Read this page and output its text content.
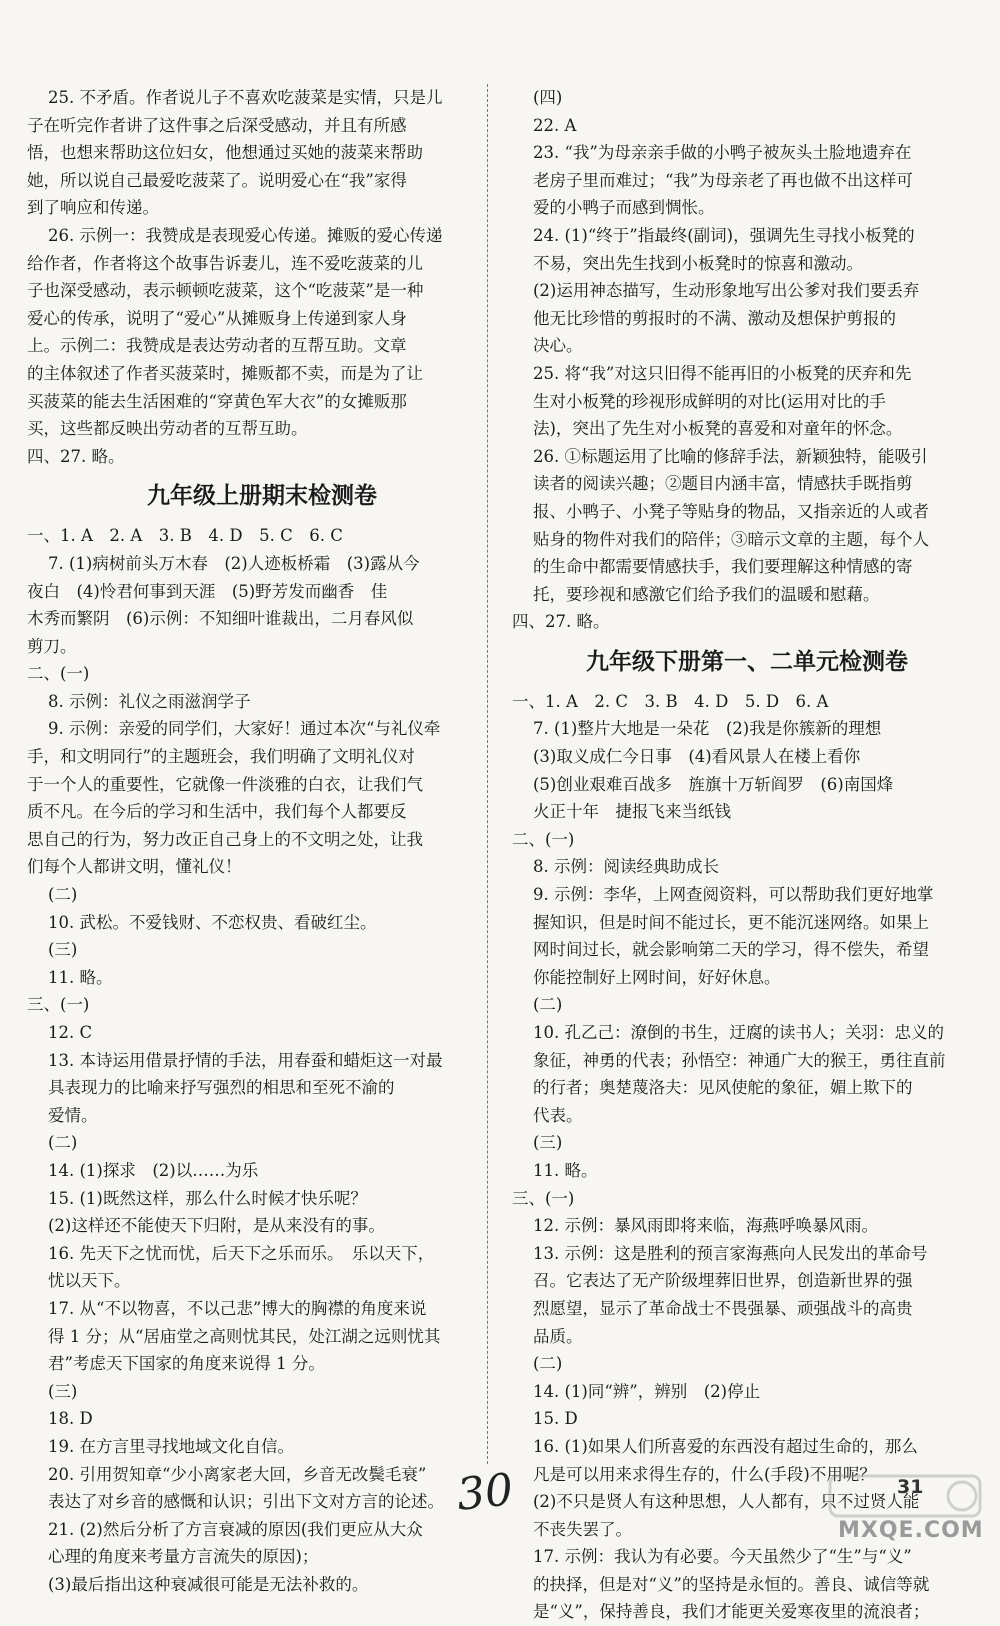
25. 不矛盾。作者说儿子不喜欢吃菠菜是实情，只是儿
子在听完作者讲了这件事之后深受感动，并且有所感
悟，也想来帮助这位妇女，他想通过买她的菠菜来帮助
她，所以说自己最爱吃菠菜了。说明爱心在“我”家得
到了响应和传递。
26. 示例一：我赞成是表现爱心传递。摊贩的爱心传递
给作者，作者将这个故事告诉妻儿，连不爱吃菠菜的儿
子也深受感动，表示顿顿吃菠菜，这个“吃菠菜”是一种
爱心的传承，说明了“爱心”从摊贩身上传递到家人身
上。示例二：我赞成是表达劳动者的互帮互助。文章
的主体叙述了作者买菠菜时，摊贩都不卖，而是为了让
买菠菜的能去生活困难的“穿黄色军大衣”的女摊贩那
买，这些都反映出劳动者的互帮互助。
四、27. 略。
九年级上册期末检测卷
一、1. A　2. A　3. B　4. D　5. C　6. C
7. (1)病树前头万木春　(2)人迹板桥霜　(3)露从今
夜白　(4)怜君何事到天涯　(5)野芳发而幽香　佳
木秀而繁阴　(6)示例：不知细叶谁裁出，二月春风似
剪刀。
二、(一)
8. 示例：礼仪之雨滋润学子
9. 示例：亲爱的同学们，大家好！通过本次“与礼仪牵
手，和文明同行”的主题班会，我们明确了文明礼仪对
于一个人的重要性，它就像一件淡雅的白衣，让我们气
质不凡。在今后的学习和生活中，我们每个人都要反
思自己的行为，努力改正自己身上的不文明之处，让我
们每个人都讲文明，懂礼仪！
(二)
10. 武松。不爱钱财、不恋权贵、看破红尘。
(三)
11. 略。
三、(一)
12. C
13. 本诗运用借景抒情的手法，用春蚕和蜡炬这一对最
具表现力的比喻来抒写强烈的相思和至死不渝的
爱情。
(二)
14. (1)探求　(2)以……为乐
15. (1)既然这样，那么什么时候才快乐呢？
(2)这样还不能使天下归附，是从来没有的事。
16. 先天下之忧而忧，后天下之乐而乐。　乐以天下，
忧以天下。
17. 从“不以物喜，不以己悲”博大的胸襟的角度来说
得 1 分；从“居庙堂之高则忧其民，处江湖之远则忧其
君”考虑天下国家的角度来说得 1 分。
(三)
18. D
19. 在方言里寻找地域文化自信。
20. 引用贺知章“少小离家老大回，乡音无改鬓毛衰”
表达了对乡音的感慨和认识；引出下文对方言的论述。
21. (2)然后分析了方言衰减的原因(我们更应从大众
心理的角度来考量方言流失的原因)；
(3)最后指出这种衰减很可能是无法补救的。
(四)
22. A
23. “我”为母亲亲手做的小鸭子被灰头土脸地遗弃在
老房子里而难过；“我”为母亲老了再也做不出这样可
爱的小鸭子而感到惆怅。
24. (1)“终于”指最终(副词)，强调先生寻找小板凳的
不易，突出先生找到小板凳时的惊喜和激动。
(2)运用神态描写，生动形象地写出公爹对我们要丢弃
他无比珍惜的剪报时的不满、激动及想保护剪报的
决心。
25. 将“我”对这只旧得不能再旧的小板凳的厌弃和先
生对小板凳的珍视形成鲜明的对比(运用对比的手
法)，突出了先生对小板凳的喜爱和对童年的怀念。
26. ①标题运用了比喻的修辞手法，新颖独特，能吸引
读者的阅读兴趣；②题目内涵丰富，情感扶手既指剪
报、小鸭子、小凳子等贴身的物品，又指亲近的人或者
贴身的物件对我们的陪伴；③暗示文章的主题，每个人
的生命中都需要情感扶手，我们要理解这种情感的寄
托，要珍视和感激它们给予我们的温暖和慰藉。
四、27. 略。
九年级下册第一、二单元检测卷
一、1. A　2. C　3. B　4. D　5. D　6. A
7. (1)整片大地是一朵花　(2)我是你簇新的理想
(3)取义成仁今日事　(4)看风景人在楼上看你
(5)创业艰难百战多　旌旗十万斩阎罗　(6)南国烽
火正十年　捷报飞来当纸钱
二、(一)
8. 示例：阅读经典助成长
9. 示例：李华，上网查阅资料，可以帮助我们更好地掌
握知识，但是时间不能过长，更不能沉迷网络。如果上
网时间过长，就会影响第二天的学习，得不偿失，希望
你能控制好上网时间，好好休息。
(二)
10. 孔乙己：潦倒的书生，迂腐的读书人；关羽：忠义的
象征，神勇的代表；孙悟空：神通广大的猴王，勇往直前
的行者；奥楚蔑洛夫：见风使舵的象征，媚上欺下的
代表。
(三)
11. 略。
三、(一)
12. 示例：暴风雨即将来临，海燕呼唤暴风雨。
13. 示例：这是胜利的预言家海燕向人民发出的革命号
召。它表达了无产阶级埋葬旧世界，创造新世界的强
烈愿望，显示了革命战士不畏强暴、顽强战斗的高贵
品质。
(二)
14. (1)同“辨”，辨别　(2)停止
15. D
16. (1)如果人们所喜爱的东西没有超过生命的，那么
凡是可以用来求得生存的，什么(手段)不用呢？
(2)不只是贤人有这种思想，人人都有，只不过贤人能
不丧失罢了。
17. 示例：我认为有必要。今天虽然少了“生”与“义”
的抉择，但是对“义”的坚持是永恒的。善良、诚信等就
是“义”，保持善良，我们才能更关爱寒夜里的流浪者；
30	31
MXQE.COM
